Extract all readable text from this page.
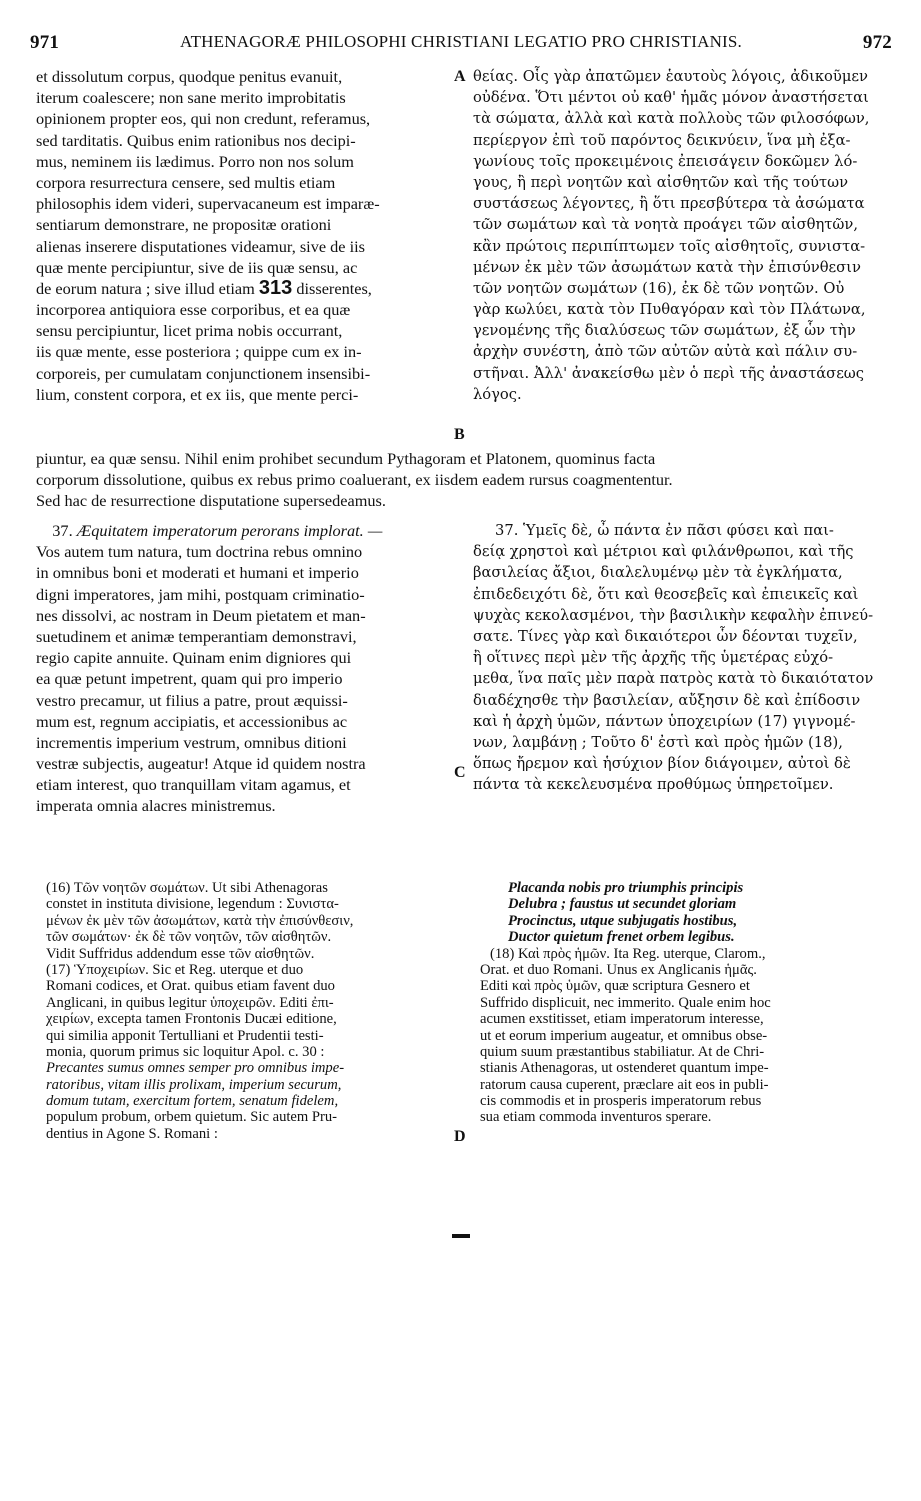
971	ATHENAGORÆ PHILOSOPHI CHRISTIANI LEGATIO PRO CHRISTIANIS.	972
et dissolutum corpus, quodque penitus evanuit,
iterum coalescere; non sane merito improbitatis
opinionem propter eos, qui non credunt, referamus,
sed tarditatis. Quibus enim rationibus nos decipi-
mus, neminem iis lædimus. Porro non nos solum
corpora resurrectura censere, sed multis etiam
philosophis idem videri, supervacaneum est imparæ-
sentiarum demonstrare, ne propositæ orationi
alienas inserere disputationes videamur, sive de iis
quæ mente percipiuntur, sive de iis quæ sensu, ac
de eorum natura ; sive illud etiam 313 disserentes,
incorporea antiquiora esse corporibus, et ea quæ
sensu percipiuntur, licet prima nobis occurrant,
iis quæ mente, esse posteriora ; quippe cum ex in-
corporeis, per cumulatam conjunctionem insensibi-
lium, constent corpora, et ex iis, que mente perci-
A
B
θείας. Οἷς γὰρ ἀπατῶμεν ἑαυτοὺς λόγοις, ἀδικοῦμεν
οὐδένα. Ὅτι μέντοι οὐ καθ' ἡμᾶς μόνον ἀναστήσεται
τὰ σώματα, ἀλλὰ καὶ κατὰ πολλοὺς τῶν φιλοσόφων,
περίεργον ἐπὶ τοῦ παρόντος δεικνύειν, ἵνα μὴ ἐξα-
γωνίους τοῖς προκειμένοις ἐπεισάγειν δοκῶμεν λό-
γους, ἢ περὶ νοητῶν καὶ αἰσθητῶν καὶ τῆς τούτων
συστάσεως λέγοντες, ἢ ὅτι πρεσβύτερα τὰ ἀσώματα
τῶν σωμάτων καὶ τὰ νοητὰ προάγει τῶν αἰσθητῶν,
κἂν πρώτοις περιπίπτωμεν τοῖς αἰσθητοῖς, συνιστα-
μένων ἐκ μὲν τῶν ἀσωμάτων κατὰ τὴν ἐπισύνθεσιν
τῶν νοητῶν σωμάτων (16), ἐκ δὲ τῶν νοητῶν. Οὐ
γὰρ κωλύει, κατὰ τὸν Πυθαγόραν καὶ τὸν Πλάτωνα,
γενομένης τῆς διαλύσεως τῶν σωμάτων, ἐξ ὧν τὴν
ἀρχὴν συνέστη, ἀπὸ τῶν αὐτῶν αὐτὰ καὶ πάλιν συ-
στῆναι. Ἀλλ' ἀνακείσθω μὲν ὁ περὶ τῆς ἀναστάσεως
λόγος.
piuntur, ea quæ sensu. Nihil enim prohibet secundum Pythagoram et Platonem, quominus facta
corporum dissolutione, quibus ex rebus primo coaluerant, ex iisdem eadem rursus coagmententur.
Sed hac de resurrectione disputatione supersedeamus.
37. Æquitatem imperatorum perorans implorat. —
Vos autem tum natura, tum doctrina rebus omnino
in omnibus boni et moderati et humani et imperio
digni imperatores, jam mihi, postquam criminatio-
nes dissolvi, ac nostram in Deum pietatem et man-
suetudinem et animæ temperantiam demonstravi,
regio capite annuite. Quinam enim digniores qui
ea quæ petunt impetrent, quam qui pro imperio
vestro precamur, ut filius a patre, prout æquissi-
mum est, regnum accipiatis, et accessionibus ac
incrementis imperium vestrum, omnibus ditioni
vestræ subjectis, augeatur! Atque id quidem nostra
etiam interest, quo tranquillam vitam agamus, et
imperata omnia alacres ministremus.
C
37. Ὑμεῖς δὲ, ὦ πάντα ἐν πᾶσι φύσει καὶ παι-
δείᾳ χρηστοὶ καὶ μέτριοι καὶ φιλάνθρωποι, καὶ τῆς
βασιλείας ἄξιοι, διαλελυμένῳ μὲν τὰ ἐγκλήματα,
ἐπιδεδειχότι δὲ, ὅτι καὶ θεοσεβεῖς καὶ ἐπιεικεῖς καὶ
ψυχὰς κεκολασμένοι, τὴν βασιλικὴν κεφαλὴν ἐπινεύ-
σατε. Τίνες γὰρ καὶ δικαιότεροι ὧν δέονται τυχεῖν,
ἢ οἵτινες περὶ μὲν τῆς ἀρχῆς τῆς ὑμετέρας εὐχό-
μεθα, ἵνα παῖς μὲν παρὰ πατρὸς κατὰ τὸ δικαιότατον
διαδέχησθε τὴν βασιλείαν, αὔξησιν δὲ καὶ ἐπίδοσιν
καὶ ἡ ἀρχὴ ὑμῶν, πάντων ὑποχειρίων (17) γιγνομέ-
νων, λαμβάνῃ ; Τοῦτο δ' ἐστὶ καὶ πρὸς ἡμῶν (18),
ὅπως ἤρεμον καὶ ἡσύχιον βίον διάγοιμεν, αὐτοὶ δὲ
πάντα τὰ κεκελευσμένα προθύμως ὑπηρετοῖμεν.
(16) Τῶν νοητῶν σωμάτων. Ut sibi Athenagoras
constet in instituta divisione, legendum : Συνιστα-
μένων ἐκ μὲν τῶν ἀσωμάτων, κατὰ τὴν ἐπισύνθεσιν,
τῶν σωμάτων· ἐκ δὲ τῶν νοητῶν, τῶν αἰσθητῶν.
Vidit Suffridus addendum esse τῶν αἰσθητῶν.
(17) Ὑποχειρίων. Sic et Reg. uterque et duo
Romani codices, et Orat. quibus etiam favent duo
Anglicani, in quibus legitur ὑποχειρῶν. Editi ἐπι-
χειρίων, excepta tamen Frontonis Ducæi editione,
qui similia apponit Tertulliani et Prudentii testi-
monia, quorum primus sic loquitur Apol. c. 30 :
Precantes sumus omnes semper pro omnibus impe-
ratoribus, vitam illis prolixam, imperium securum,
domum tutam, exercitum fortem, senatum fidelem,
populum probum, orbem quietum. Sic autem Pru-
dentius in Agone S. Romani :	D
Placanda nobis pro triumphis principis
Delubra ; faustus ut secundet gloriam
Procinctus, utque subjugatis hostibus,
Ductor quietum frenet orbem legibus.
(18) Καὶ πρὸς ἡμῶν. Ita Reg. uterque, Clarom.,
Orat. et duo Romani. Unus ex Anglicanis ἡμᾶς.
Editi καὶ πρὸς ὑμῶν, quæ scriptura Gesnero et
Suffrido displicuit, nec immerito. Quale enim hoc
acumen exstitisset, etiam imperatorum interesse,
ut et eorum imperium augeatur, et omnibus obse-
quium suum præstantibus stabiliatur. At de Chri-
stianis Athenagoras, ut ostenderet quantum impe-
ratorum causa cuperent, præclare ait eos in publi-
cis commodis et in prosperis imperatorum rebus
sua etiam commoda inventuros sperare.
